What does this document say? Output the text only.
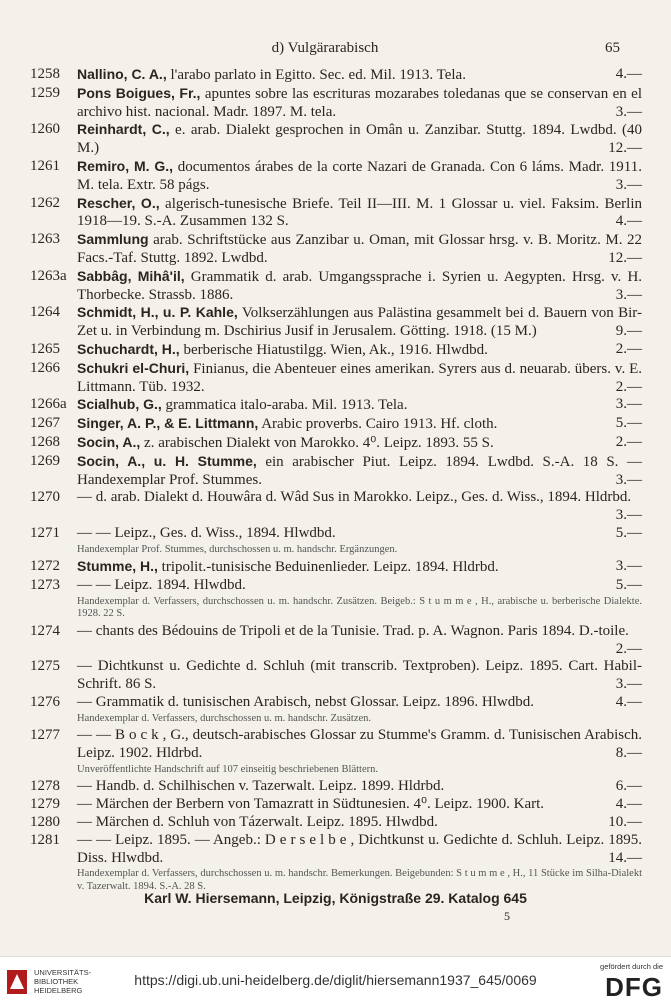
d) Vulgärarabisch	65
1258	Nallino, C. A., l'arabo parlato in Egitto. Sec. ed. Mil. 1913. Tela.	4.—
1259	Pons Boigues, Fr., apuntes sobre las escrituras mozarabes toledanas que se conservan en el archivo hist. nacional. Madr. 1897. M. tela.	3.—
1260	Reinhardt, C., e. arab. Dialekt gesprochen in Omân u. Zanzibar. Stuttg. 1894. Lwdbd. (40 M.)	12.—
1261	Remiro, M. G., documentos árabes de la corte Nazari de Granada. Con 6 láms. Madr. 1911. M. tela. Extr. 58 págs.	3.—
1262	Rescher, O., algerisch-tunesische Briefe. Teil II—III. M. 1 Glossar u. viel. Faksim. Berlin 1918—19. S.-A. Zusammen 132 S.	4.—
1263	Sammlung arab. Schriftstücke aus Zanzibar u. Oman, mit Glossar hrsg. v. B. Moritz. M. 22 Facs.-Taf. Stuttg. 1892. Lwdbd.	12.—
1263a Sabbâg, Mihâ'il, Grammatik d. arab. Umgangssprache i. Syrien u. Aegypten. Hrsg. v. H. Thorbecke. Strassb. 1886.	3.—
1264	Schmidt, H., u. P. Kahle, Volkserzählungen aus Palästina gesammelt bei d. Bauern von Bir-Zet u. in Verbindung m. Dschirius Jusif in Jerusalem. Götting. 1918. (15 M.)	9.—
1265	Schuchardt, H., berberische Hiatustilgg. Wien, Ak., 1916. Hlwdbd.	2.—
1266	Schukri el-Churi, Finianus, die Abenteuer eines amerikan. Syrers aus d. neuarab. übers. v. E. Littmann. Tüb. 1932.	2.—
1266a Scialhub, G., grammatica italo-araba. Mil. 1913. Tela.	3.—
1267	Singer, A. P., & E. Littmann, Arabic proverbs. Cairo 1913. Hf. cloth.	5.—
1268	Socin, A., z. arabischen Dialekt von Marokko. 4⁰. Leipz. 1893. 55 S.	2.—
1269	Socin, A., u. H. Stumme, ein arabischer Piut. Leipz. 1894. Lwdbd. S.-A. 18 S. — Handexemplar Prof. Stummes.	3.—
1270	— d. arab. Dialekt d. Houwâra d. Wâd Sus in Marokko. Leipz., Ges. d. Wiss., 1894. Hldrbd.
3.—
1271	— — Leipz., Ges. d. Wiss., 1894. Hlwdbd.	5.—
Handexemplar Prof. Stummes, durchschossen u. m. handschr. Ergänzungen.
1272	Stumme, H., tripolit.-tunisische Beduinenlieder. Leipz. 1894. Hldrbd.	3.—
1273	— — Leipz. 1894. Hlwdbd.	5.—
Handexemplar d. Verfassers, durchschossen u. m. handschr. Zusätzen. Beigeb.: S t u m m e , H., arabische u. berberische Dialekte. 1928. 22 S.
1274	— chants des Bédouins de Tripoli et de la Tunisie. Trad. p. A. Wagnon. Paris 1894. D.-toile.
2.—
1275	— Dichtkunst u. Gedichte d. Schluh (mit transcrib. Textproben). Leipz. 1895. Cart. Habil-Schrift. 86 S.	3.—
1276	— Grammatik d. tunisischen Arabisch, nebst Glossar. Leipz. 1896. Hlwdbd.	4.—
Handexemplar d. Verfassers, durchschossen u. m. handschr. Zusätzen.
1277	— — B o c k , G., deutsch-arabisches Glossar zu Stumme's Gramm. d. Tunisischen Arabisch. Leipz. 1902. Hldrbd.	8.—
Unveröffentlichte Handschrift auf 107 einseitig beschriebenen Blättern.
1278	— Handb. d. Schilhischen v. Tazerwalt. Leipz. 1899. Hldrbd.	6.—
1279	— Märchen der Berbern von Tamazratt in Südtunesien. 4⁰. Leipz. 1900. Kart.	4.—
1280	— Märchen d. Schluh von Tázerwalt. Leipz. 1895. Hlwdbd.	10.—
1281	— — Leipz. 1895. — Angeb.: D e r s e l b e , Dichtkunst u. Gedichte d. Schluh. Leipz. 1895. Diss. Hlwdbd.	14.—
Handexemplar d. Verfassers, durchschossen u. m. handschr. Bemerkungen. Beigebunden: S t u m m e , H., 11 Stücke im Silha-Dialekt v. Tazerwalt. 1894. S.-A. 28 S.
Karl W. Hiersemann, Leipzig, Königstraße 29. Katalog 645
5
UNIVERSITÄTS-
BIBLIOTHEK
HEIDELBERG
https://digi.ub.uni-heidelberg.de/diglit/hiersemann1937_645/0069
gefördert durch die
DFG
